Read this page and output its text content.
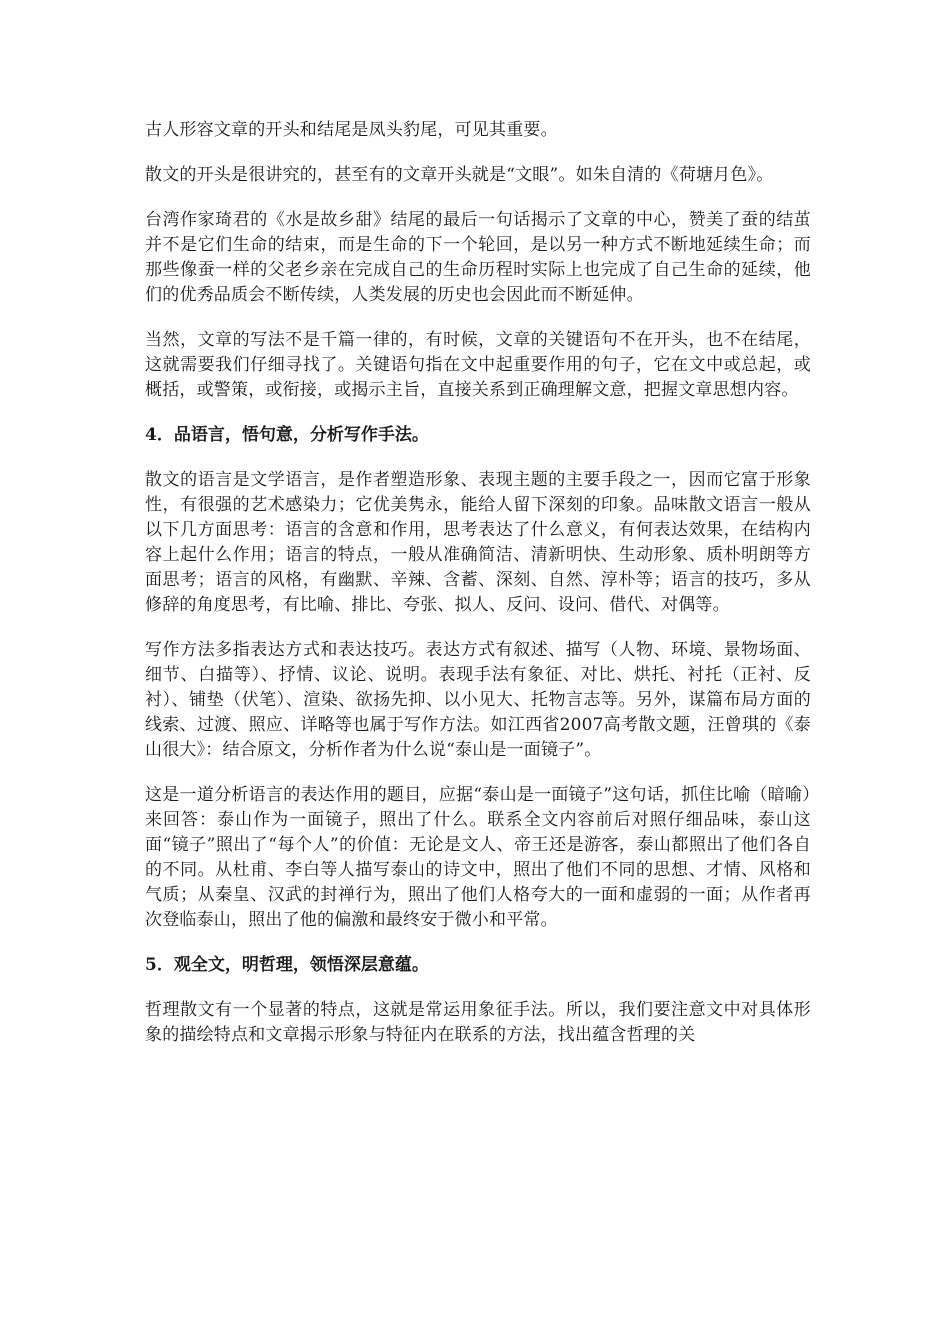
古人形容文章的开头和结尾是凤头豹尾，可见其重要。

散文的开头是很讲究的，甚至有的文章开头就是“文眼”。如朱自清的《荷塘月色》。

台湾作家琦君的《水是故乡甜》结尾的最后一句话揭示了文章的中心，赞美了蚕的结茧并不是它们生命的结束，而是生命的下一个轮回，是以另一种方式不断地延续生命；而那些像蚕一样的父老乡亲在完成自己的生命历程时实际上也完成了自己生命的延续，他们的优秀品质会不断传续，人类发展的历史也会因此而不断延伸。

当然，文章的写法不是千篇一律的，有时候，文章的关键语句不在开头，也不在结尾，这就需要我们仔细寻找了。关键语句指在文中起重要作用的句子，它在文中或总起，或概括，或警策，或衔接，或揭示主旨，直接关系到正确理解文意，把握文章思想内容。

4．品语言，悟句意，分析写作手法。

散文的语言是文学语言，是作者塑造形象、表现主题的主要手段之一，因而它富于形象性，有很强的艺术感染力；它优美隽永，能给人留下深刻的印象。品味散文语言一般从以下几方面思考：语言的含意和作用，思考表达了什么意义，有何表达效果，在结构内容上起什么作用；语言的特点，一般从准确简洁、清新明快、生动形象、质朴明朗等方面思考；语言的风格，有幽默、辛辣、含蓄、深刻、自然、淳朴等；语言的技巧，多从修辞的角度思考，有比喻、排比、夸张、拟人、反问、设问、借代、对偶等。

写作方法多指表达方式和表达技巧。表达方式有叙述、描写（人物、环境、景物场面、细节、白描等）、抒情、议论、说明。表现手法有象征、对比、烘托、衬托（正衬、反衬）、铺垫（伏笔）、渲染、欲扬先抑、以小见大、托物言志等。另外，谋篇布局方面的线索、过渡、照应、详略等也属于写作方法。如江西省2007高考散文题，汪曾琪的《泰山很大》：结合原文，分析作者为什么说“泰山是一面镜子”。

这是一道分析语言的表达作用的题目，应据“泰山是一面镜子”这句话，抓住比喻（暗喻）来回答：泰山作为一面镜子，照出了什么。联系全文内容前后对照仔细品味，泰山这面“镜子”照出了“每个人”的价值：无论是文人、帝王还是游客，泰山都照出了他们各自的不同。从杜甫、李白等人描写泰山的诗文中，照出了他们不同的思想、才情、风格和气质；从秦皇、汉武的封禅行为，照出了他们人格夸大的一面和虚弱的一面；从作者再次登临泰山，照出了他的偏激和最终安于微小和平常。

5．观全文，明哲理，领悟深层意蕴。

哲理散文有一个显著的特点，这就是常运用象征手法。所以，我们要注意文中对具体形象的描绘特点和文章揭示形象与特征内在联系的方法，找出蕴含哲理的关
